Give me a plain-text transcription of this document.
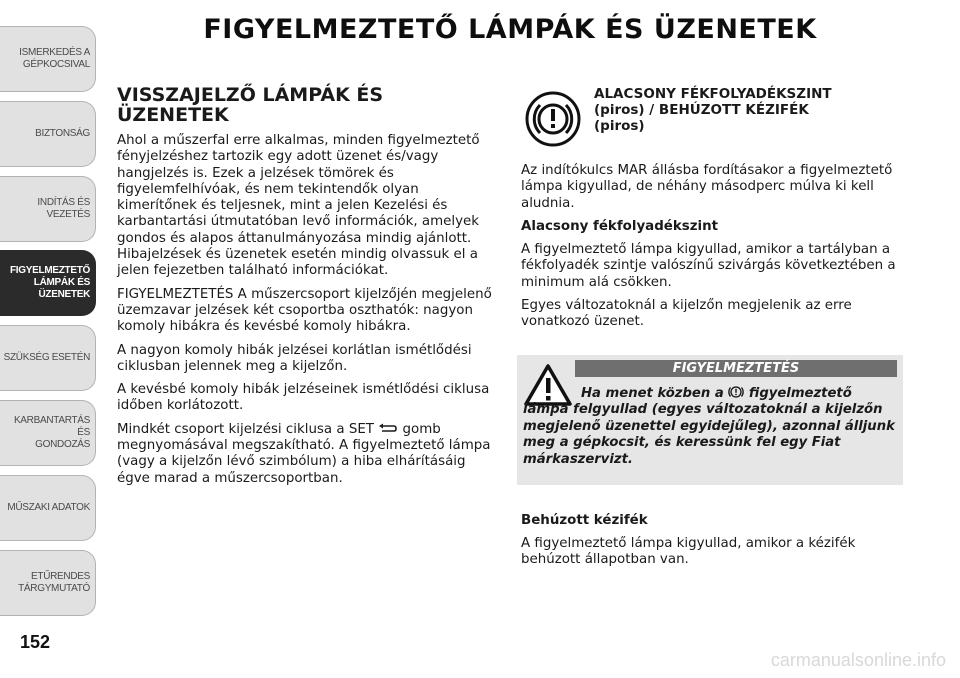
ISMERKEDÉS A
GÉPKOCSIVAL
BIZTONSÁG
INDÍTÁS ÉS VEZETÉS
FIGYELMEZTETŐ
LÁMPÁK ÉS
ÜZENETEK
SZÜKSÉG ESETÉN
KARBANTARTÁS ÉS
GONDOZÁS
MŰSZAKI ADATOK
ETŰRENDES
TÁRGYMUTATÓ
152
FIGYELMEZTETŐ LÁMPÁK ÉS ÜZENETEK
VISSZAJELZŐ LÁMPÁK ÉS
ÜZENETEK

Ahol a műszerfal erre alkalmas, minden figyelmeztető fényjelzéshez tartozik egy adott üzenet és/vagy hangjelzés is. Ezek a jelzések tömörek és figyelemfelhívóak, és nem tekintendők olyan kimerítőnek és teljesnek, mint a jelen Kezelési és karbantartási útmutatóban levő információk, amelyek gondos és alapos áttanulmányozása mindig ajánlott. Hibajelzések és üzenetek esetén mindig olvassuk el a jelen fejezetben található információkat.

FIGYELMEZTETÉS A műszercsoport kijelzőjén megjelenő üzemzavar jelzések két csoportba oszthatók: nagyon komoly hibákra és kevésbé komoly hibákra.

A nagyon komoly hibák jelzései korlátlan ismétlődési ciklusban jelennek meg a kijelzőn.

A kevésbé komoly hibák jelzéseinek ismétlődési ciklusa időben korlátozott.

Mindkét csoport kijelzési ciklusa a SET  gomb megnyomásával megszakítható. A figyelmeztető lámpa (vagy a kijelzőn lévő szimbólum) a hiba elhárításáig égve marad a műszercsoportban.

ALACSONY FÉKFOLYADÉKSZINT
(piros) / BEHÚZOTT KÉZIFÉK
(piros)

Az indítókulcs MAR állásba fordításakor a figyelmeztető lámpa kigyullad, de néhány másodperc múlva ki kell aludnia.

Alacsony fékfolyadékszint

A figyelmeztető lámpa kigyullad, amikor a tartályban a fékfolyadék szintje valószínű szivárgás következtében a minimum alá csökken.

Egyes változatoknál a kijelzőn megjelenik az erre vonatkozó üzenet.

FIGYELMEZTETÉS

Ha menet közben a  figyelmeztető lámpa felgyullad (egyes változatoknál a kijelzőn megjelenő üzenettel egyidejűleg), azonnal álljunk meg a gépkocsit, és keressünk fel egy Fiat márkaszervizt.

Behúzott kézifék

A figyelmeztető lámpa kigyullad, amikor a kézifék behúzott állapotban van.

carmanualsonline.info
